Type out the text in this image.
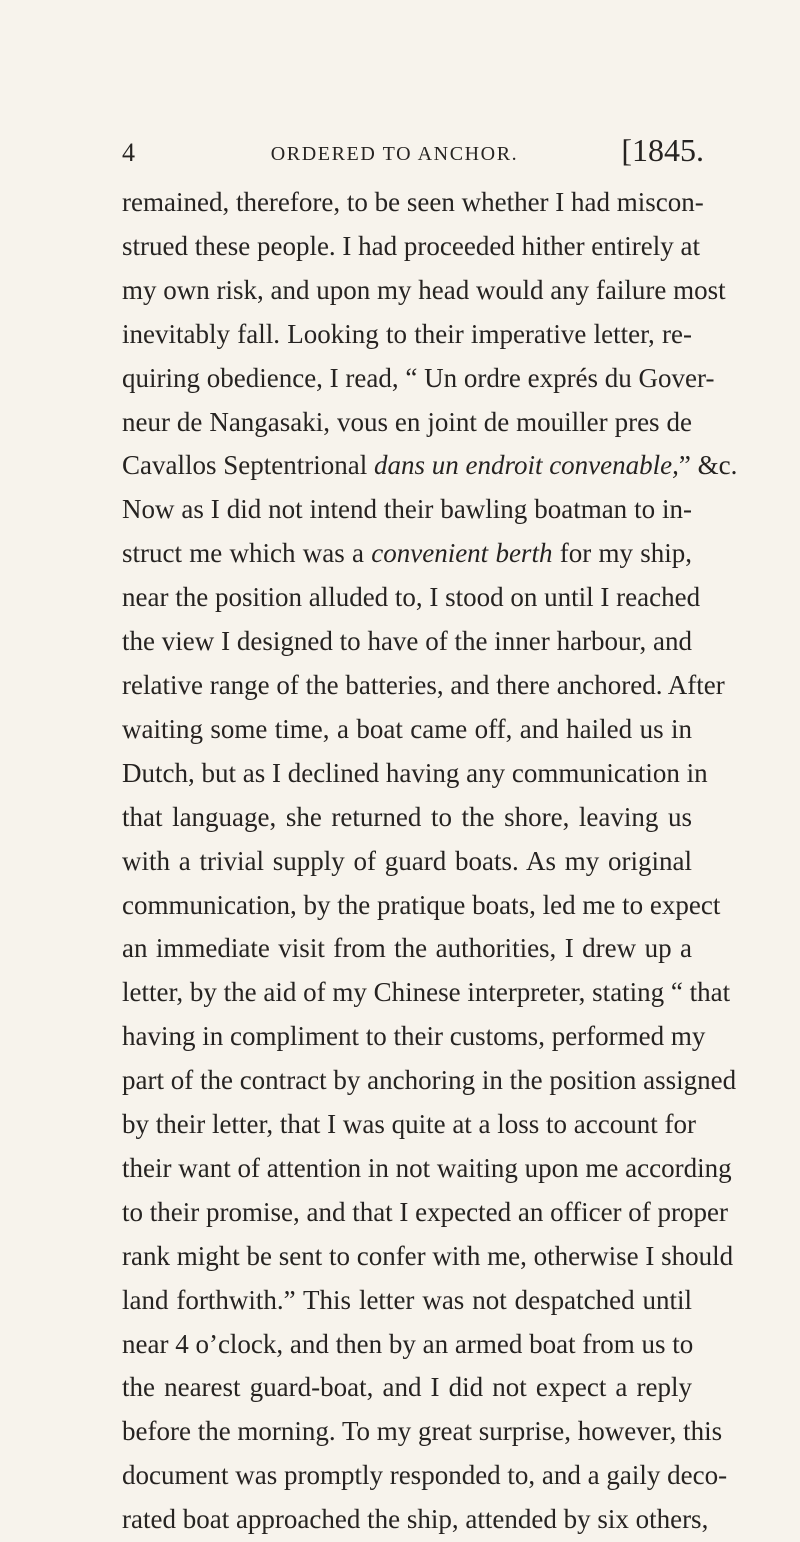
4	ORDERED TO ANCHOR.	[1845.
remained, therefore, to be seen whether I had miscon-
strued these people. I had proceeded hither entirely at
my own risk, and upon my head would any failure most
inevitably fall. Looking to their imperative letter, re-
quiring obedience, I read, “ Un ordre exprés du Gover-
neur de Nangasaki, vous en joint de mouiller pres de
Cavallos Septentrional dans un endroit convenable,” &c.
Now as I did not intend their bawling boatman to in-
struct me which was a convenient berth for my ship,
near the position alluded to, I stood on until I reached
the view I designed to have of the inner harbour, and
relative range of the batteries, and there anchored. After
waiting some time, a boat came off, and hailed us in
Dutch, but as I declined having any communication in
that language, she returned to the shore, leaving us
with a trivial supply of guard boats. As my original
communication, by the pratique boats, led me to expect
an immediate visit from the authorities, I drew up a
letter, by the aid of my Chinese interpreter, stating “ that
having in compliment to their customs, performed my
part of the contract by anchoring in the position assigned
by their letter, that I was quite at a loss to account for
their want of attention in not waiting upon me according
to their promise, and that I expected an officer of proper
rank might be sent to confer with me, otherwise I should
land forthwith.” This letter was not despatched until
near 4 o’clock, and then by an armed boat from us to
the nearest guard-boat, and I did not expect a reply
before the morning. To my great surprise, however, this
document was promptly responded to, and a gaily deco-
rated boat approached the ship, attended by six others,
